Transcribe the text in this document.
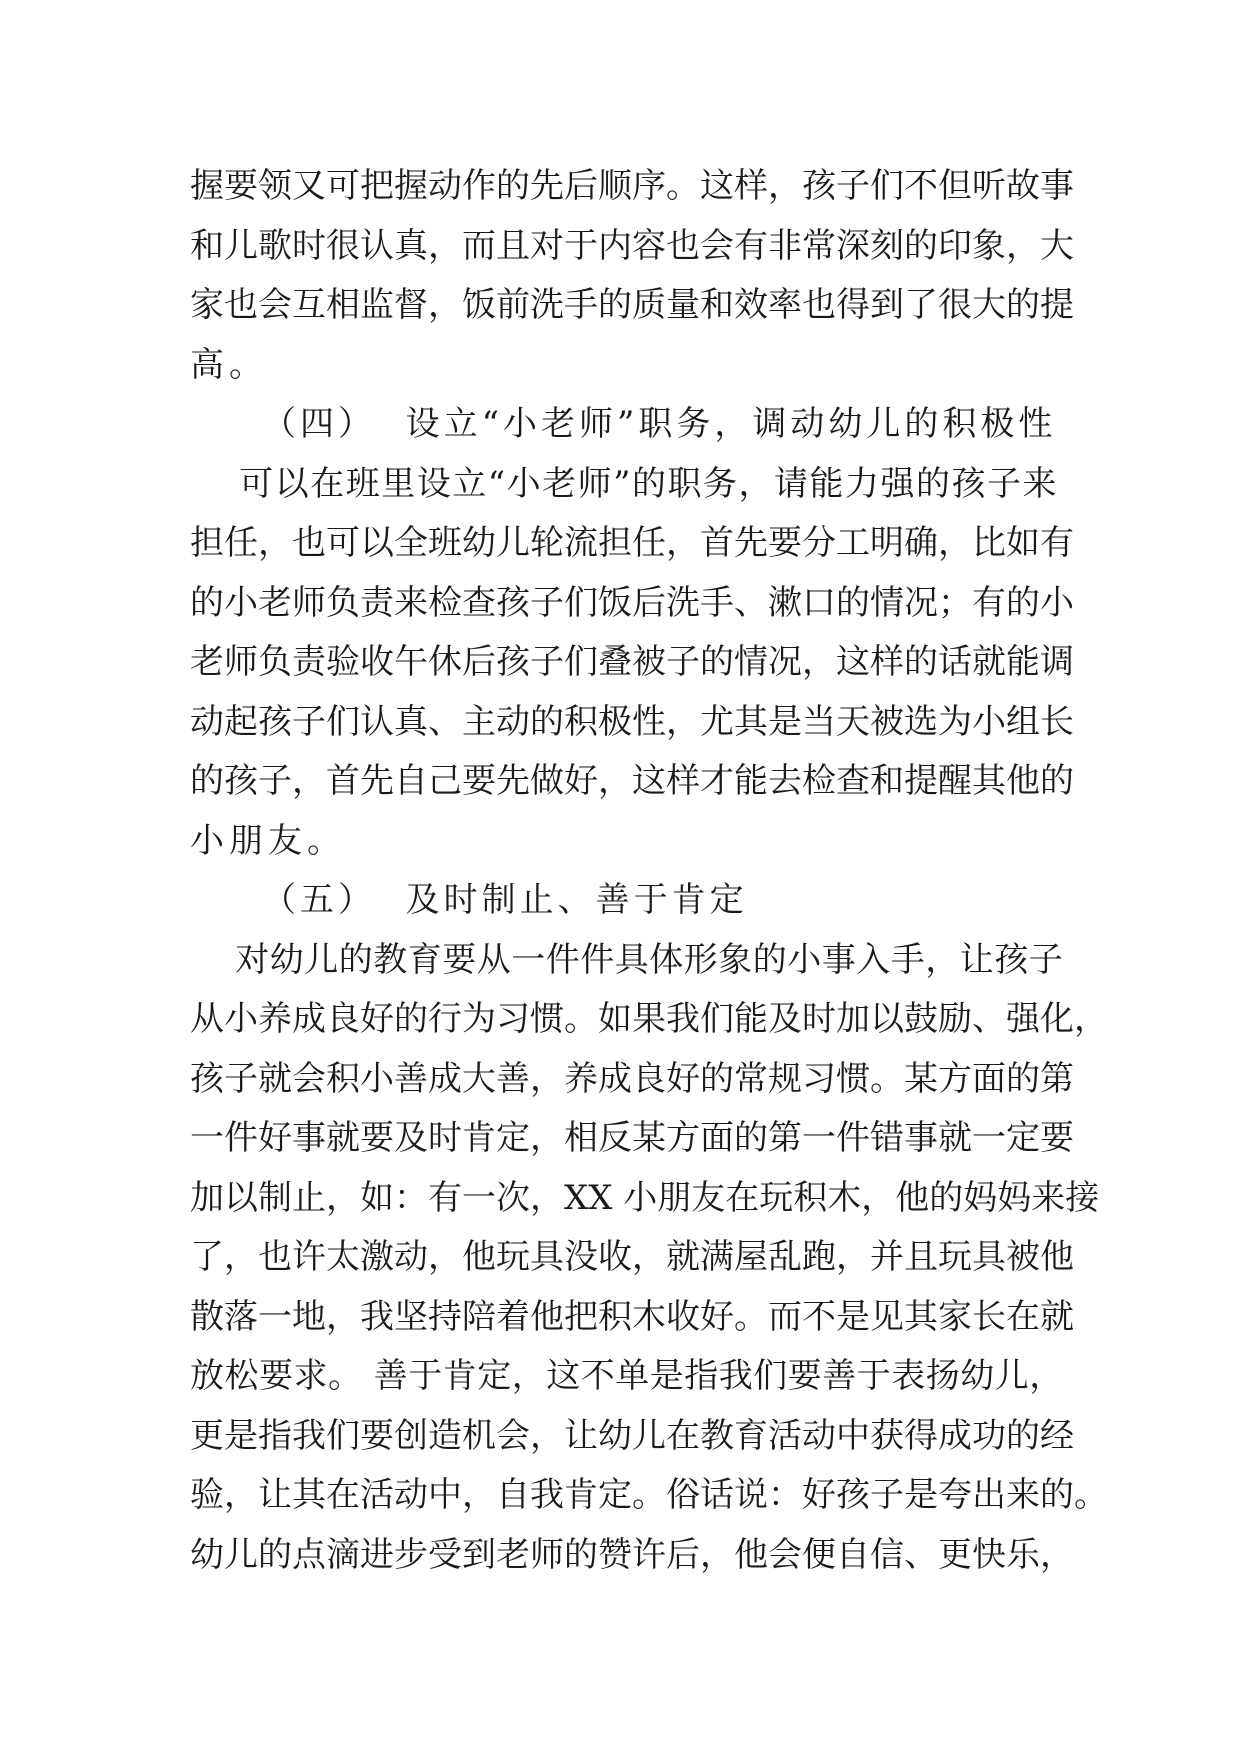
握要领又可把握动作的先后顺序。这样，孩子们不但听故事
和儿歌时很认真，而且对于内容也会有非常深刻的印象，大
家也会互相监督，饭前洗手的质量和效率也得到了很大的提
高。
（四）  设立“小老师”职务，调动幼儿的积极性
可以在班里设立“小老师”的职务，请能力强的孩子来
担任，也可以全班幼儿轮流担任，首先要分工明确，比如有
的小老师负责来检查孩子们饭后洗手、漱口的情况；有的小
老师负责验收午休后孩子们叠被子的情况，这样的话就能调
动起孩子们认真、主动的积极性，尤其是当天被选为小组长
的孩子，首先自己要先做好，这样才能去检查和提醒其他的
小朋友。
（五）  及时制止、善于肯定
对幼儿的教育要从一件件具体形象的小事入手，让孩子
从小养成良好的行为习惯。如果我们能及时加以鼓励、强化，
孩子就会积小善成大善，养成良好的常规习惯。某方面的第
一件好事就要及时肯定，相反某方面的第一件错事就一定要
加以制止，如：有一次，XX 小朋友在玩积木，他的妈妈来接
了，也许太激动，他玩具没收，就满屋乱跑，并且玩具被他
散落一地，我坚持陪着他把积木收好。而不是见其家长在就
放松要求。 善于肯定，这不单是指我们要善于表扬幼儿，
更是指我们要创造机会，让幼儿在教育活动中获得成功的经
验，让其在活动中，自我肯定。俗话说：好孩子是夸出来的。
幼儿的点滴进步受到老师的赞许后，他会便自信、更快乐，
